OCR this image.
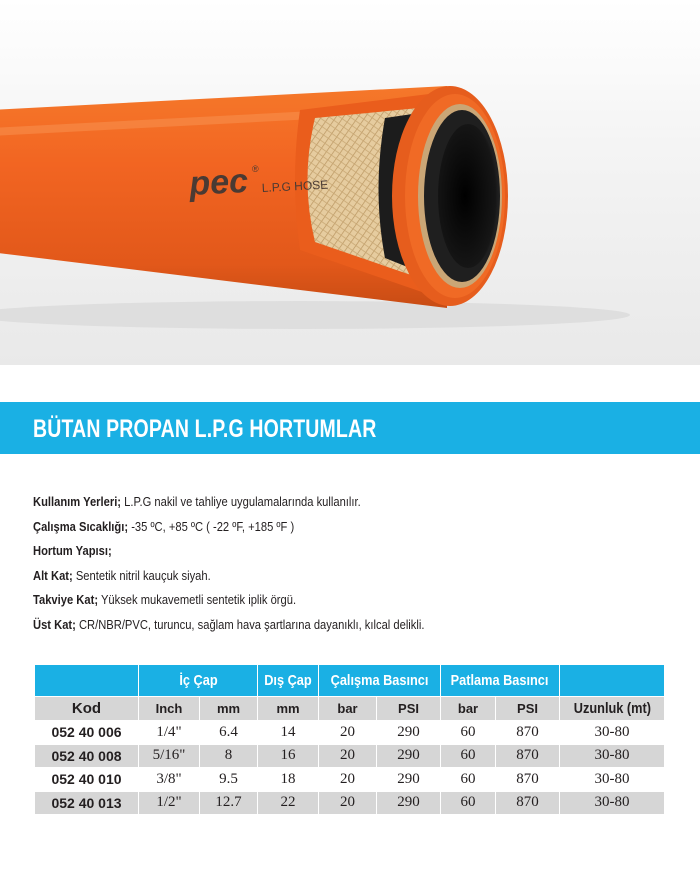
pec ®
L.P.G HOSE
BÜTAN PROPAN L.P.G HORTUMLAR
Kullanım Yerleri; L.P.G nakil ve tahliye uygulamalarında kullanılır.
Çalışma Sıcaklığı; -35 ºC, +85 ºC ( -22 ºF, +185 ºF )
Hortum Yapısı;
Alt Kat; Sentetik nitril kauçuk siyah.
Takviye Kat; Yüksek mukavemetli sentetik iplik örgü.
Üst Kat; CR/NBR/PVC, turuncu, sağlam hava şartlarına dayanıklı, kılcal delikli.
	İç Çap		Dış Çap	Çalışma Basıncı		Patlama Basıncı		
Kod	Inch	mm	mm	bar	PSI	bar	PSI	Uzunluk (mt)
052 40 006	1/4"	6.4	14	20	290	60	870	30-80
052 40 008	5/16"	8	16	20	290	60	870	30-80
052 40 010	3/8"	9.5	18	20	290	60	870	30-80
052 40 013	1/2"	12.7	22	20	290	60	870	30-80
